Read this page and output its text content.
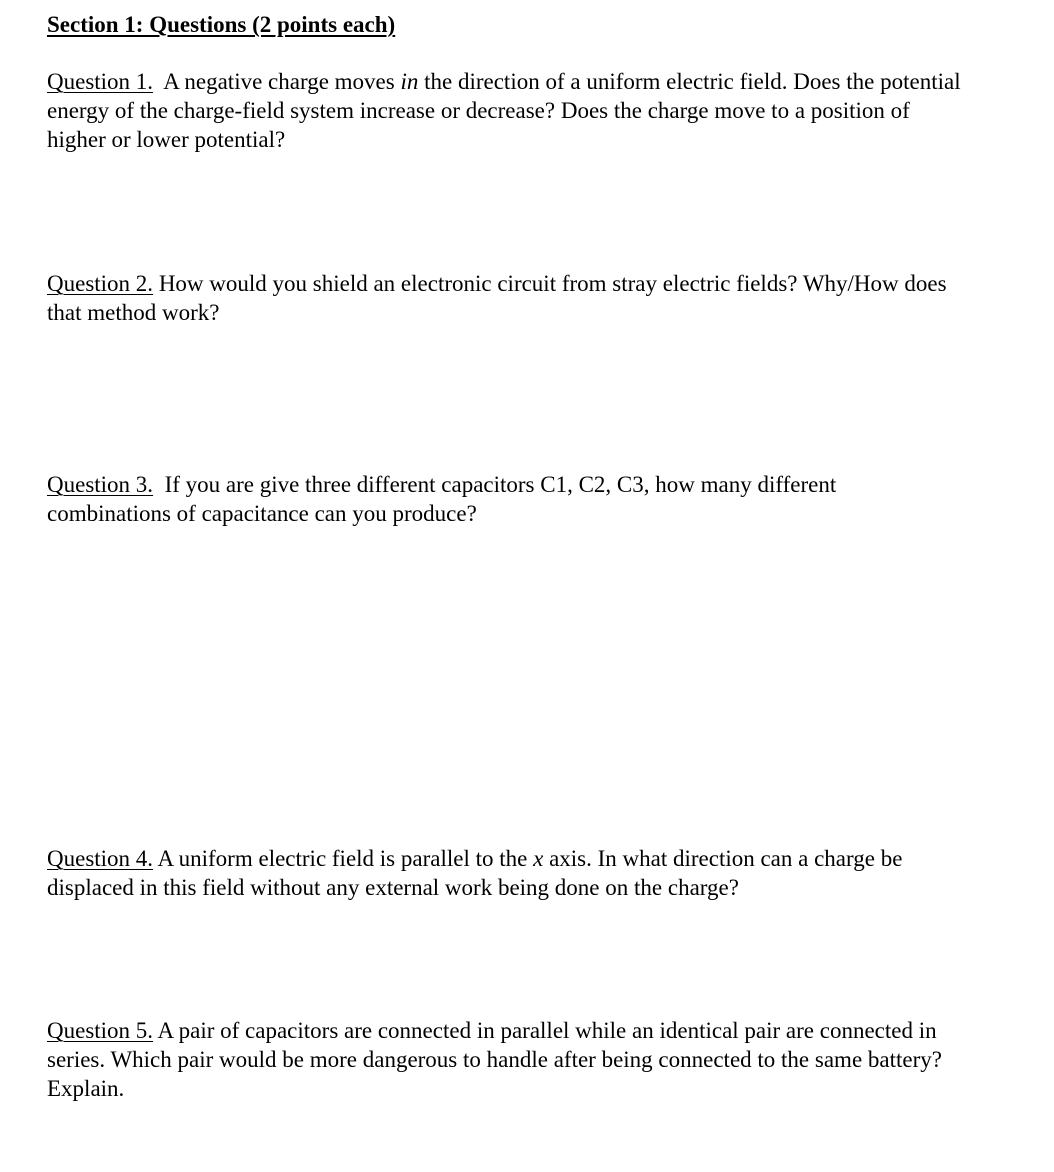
Section 1: Questions (2 points each)
Question 1.  A negative charge moves in the direction of a uniform electric field. Does the potential energy of the charge-field system increase or decrease? Does the charge move to a position of higher or lower potential?
Question 2. How would you shield an electronic circuit from stray electric fields? Why/How does that method work?
Question 3.  If you are give three different capacitors C1, C2, C3, how many different combinations of capacitance can you produce?
Question 4. A uniform electric field is parallel to the x axis. In what direction can a charge be displaced in this field without any external work being done on the charge?
Question 5. A pair of capacitors are connected in parallel while an identical pair are connected in series. Which pair would be more dangerous to handle after being connected to the same battery? Explain.
